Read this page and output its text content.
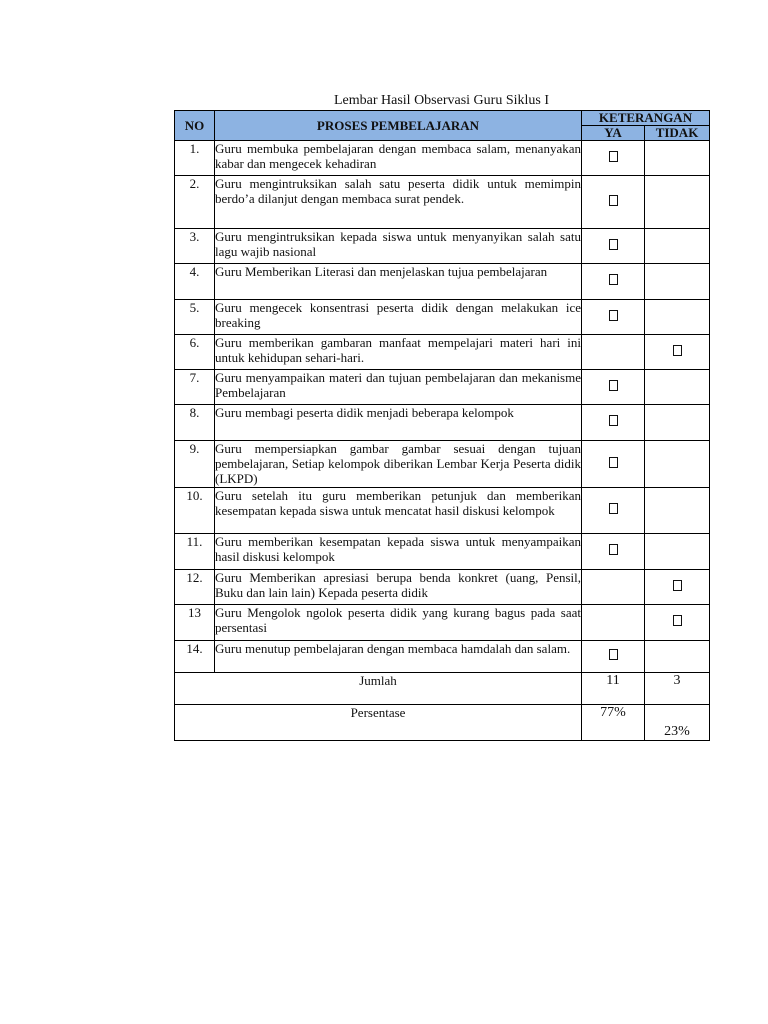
Lembar Hasil Observasi Guru Siklus I
NO	PROSES PEMBELAJARAN	KETERANGAN	
		YA	TIDAK
1.	Guru membuka pembelajaran dengan membaca salam, menanyakan kabar dan mengecek kehadiran		
2.	Guru mengintruksikan salah satu peserta didik untuk memimpin berdo’a dilanjut dengan membaca surat pendek.		
3.	Guru mengintruksikan kepada siswa untuk menyanyikan salah satu lagu wajib nasional		
4.	Guru Memberikan Literasi dan menjelaskan tujua pembelajaran		
5.	Guru mengecek konsentrasi peserta didik dengan melakukan ice breaking		
6.	Guru memberikan gambaran manfaat mempelajari materi hari ini untuk kehidupan sehari-hari.		
7.	Guru menyampaikan materi dan tujuan pembelajaran dan mekanisme Pembelajaran		
8.	Guru membagi peserta didik menjadi beberapa kelompok		
9.	Guru mempersiapkan gambar gambar sesuai dengan tujuan pembelajaran, Setiap kelompok diberikan Lembar Kerja Peserta didik (LKPD)		
10.	Guru setelah itu guru memberikan petunjuk dan memberikan kesempatan kepada siswa untuk mencatat hasil diskusi kelompok		
11.	Guru memberikan kesempatan kepada siswa untuk menyampaikan hasil diskusi kelompok		
12.	Guru Memberikan apresiasi berupa benda konkret (uang, Pensil, Buku dan lain lain) Kepada peserta didik		
13	Guru Mengolok ngolok peserta didik yang kurang bagus pada saat persentasi		
14.	Guru menutup pembelajaran dengan membaca hamdalah dan salam.		
Jumlah		11	3
Persentase		77%	23%
